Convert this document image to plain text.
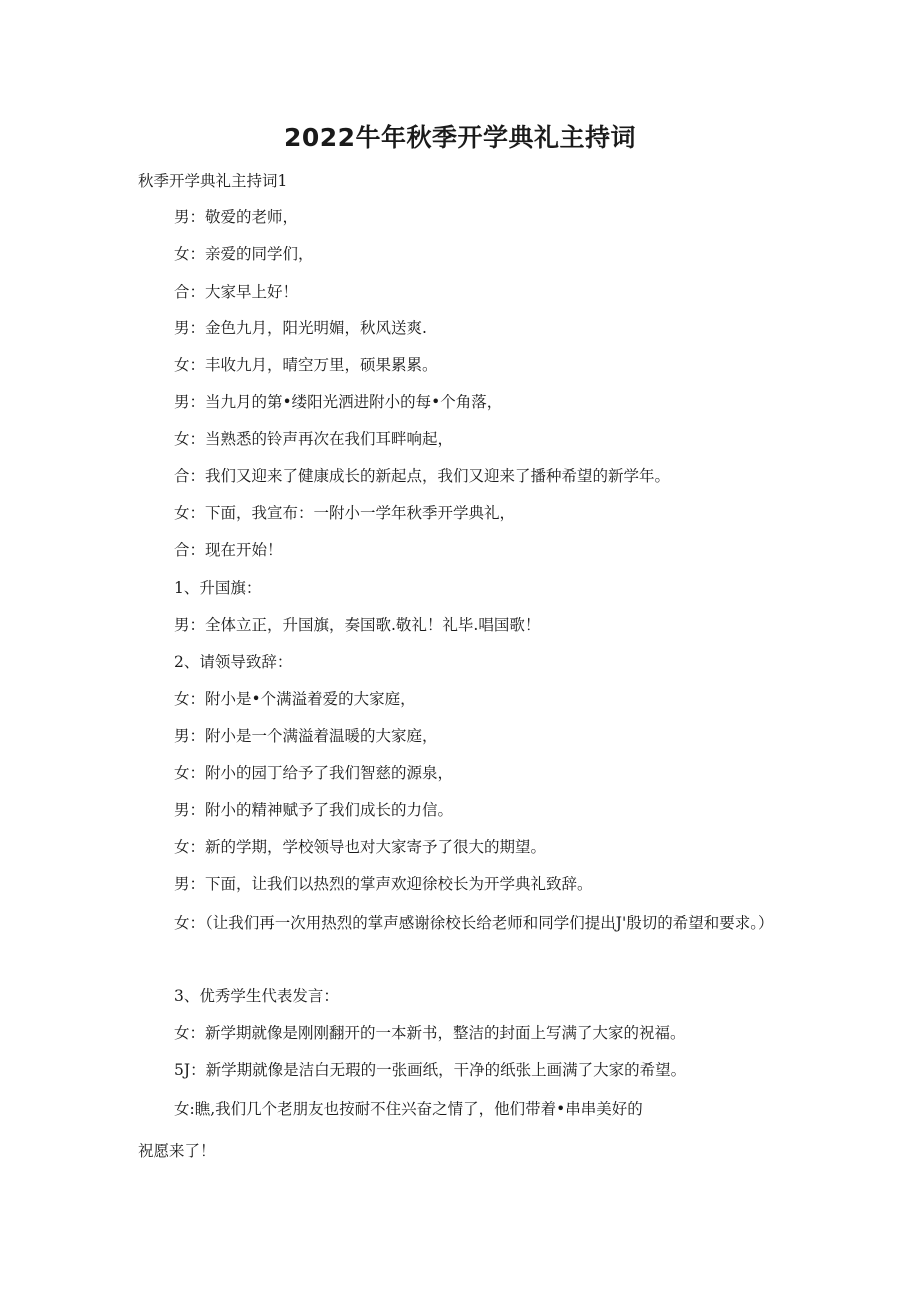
2022牛年秋季开学典礼主持词

秋季开学典礼主持词1

男：敬爱的老师，

女：亲爱的同学们，

合：大家早上好！

男：金色九月，阳光明媚，秋风送爽.

女：丰收九月，晴空万里，硕果累累。

男：当九月的第•缕阳光洒进附小的每•个角落，

女：当熟悉的铃声再次在我们耳畔响起，

合：我们又迎来了健康成长的新起点，我们又迎来了播种希望的新学年。

女：下面，我宣布：一附小一学年秋季开学典礼，

合：现在开始！

1、升国旗：

男：全体立正，升国旗，奏国歌.敬礼！礼毕.唱国歌！

2、请领导致辞：

女：附小是•个满溢着爱的大家庭，

男：附小是一个满溢着温暖的大家庭，

女：附小的园丁给予了我们智慈的源泉，

男：附小的精神赋予了我们成长的力信。

女：新的学期，学校领导也对大家寄予了很大的期望。

男：下面，让我们以热烈的掌声欢迎徐校长为开学典礼致辞。

女：（让我们再一次用热烈的掌声感谢徐校长给老师和同学们提出J'殷切的希望和要求。）

3、优秀学生代表发言：

女：新学期就像是刚刚翻开的一本新书，整洁的封面上写满了大家的祝福。

5J：新学期就像是洁白无瑕的一张画纸，干净的纸张上画满了大家的希望。

女:瞧,我们几个老朋友也按耐不住兴奋之情了，他们带着•串串美好的

祝愿来了！
